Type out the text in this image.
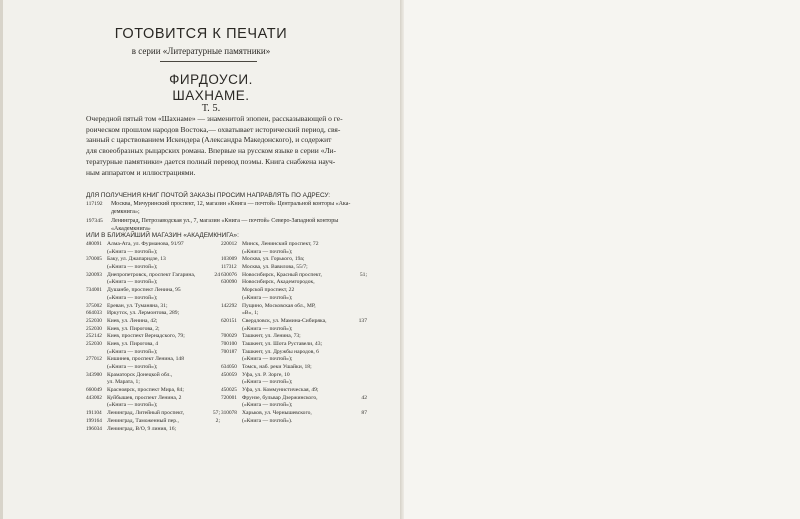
ГОТОВИТСЯ К ПЕЧАТИ

в серии «Литературные памятники»

ФИРДОУСИ.
ШАХНАМЕ.

Т. 5.

Очередной пятый том «Шахнаме» — знаменитой эпопеи, рассказывающей о ге-
роическом прошлом народов Востока,— охватывает исторический период, свя-
занный с царствованием Искендера (Александра Македонского), и содержит
для своеобразных рыцарских романа. Впервые на русском языке в серии «Ли-
тературные памятники» дается полный перевод поэмы. Книга снабжена науч-
ным аппаратом и иллюстрациями.

ДЛЯ ПОЛУЧЕНИЯ КНИГ ПОЧТОЙ ЗАКАЗЫ ПРОСИМ НАПРАВЛЯТЬ ПО АДРЕСУ:
117192	Москва, Мичуринский проспект, 12, магазин «Книга — почтой» Центральной конторы «Ака-
демкнига»;
197345	Ленинград, Петрозаводская ул., 7, магазин «Книга — почтой» Северо-Западной конторы
«Академкнига»
ИЛИ В БЛИЖАЙШИЙ МАГАЗИН «АКАДЕМКНИГА»:
480091 Алма-Ата, ул. Фурманова, 91/97
(«Книга — почтой»);
370005 Баку, ул. Джапаридзе, 13
(«Книга — почтой»);
320093 Днепропетровск, проспект Гагарина,	24
(«Книга — почтой»);
734001 Душанбе, проспект Ленина, 95
(«Книга — почтой»);
375002 Ереван, ул. Туманяна, 31;
664033 Иркутск, ул. Лермонтова, 289;
252030 Киев, ул. Ленина, 42;
252030 Киев, ул. Пирогова, 2;
252142 Киев, проспект Вернадского, 79;
252030 Киев, ул. Пирогова, 4
(«Книга — почтой»);
277012 Кишинев, проспект Ленина, 148
(«Книга — почтой»);
343900 Краматорск Донецкой обл.,
ул. Марата, 1;
660049 Красноярск, проспект Мира, 84;
443002 Куйбышев, проспект Ленина, 2
(«Книга — почтой»);
191104 Ленинград, Литейный проспект,	57;
199164 Ленинград, Таможенный пер.,	2;
196034 Ленинград, В/О, 9 линия, 16;
220012 Минск, Ленинский проспект, 72
(«Книга — почтой»);
103009 Москва, ул. Горького, 19а;
117312 Москва, ул. Вавилова, 55/7;
630076 Новосибирск, Красный проспект,	51;
630090 Новосибирск, Академгородок,
Морской проспект, 22
(«Книга — почтой»);
142292 Пущино, Московская обл., МР,
«В», 1;
620151 Свердловск, ул. Мамина-Сибиряка,	137
(«Книга — почтой»);
700029 Ташкент, ул. Ленина, 73;
700100 Ташкент, ул. Шота Руставели, 43;
700187 Ташкент, ул. Дружбы народов, 6
(«Книга — почтой»);
634050 Томск, наб. реки Ушайки, 18;
450059 Уфа, ул. Р. Зорге, 10
(«Книга — почтой»);
450025 Уфа, ул. Коммунистическая, 49;
720001 Фрунзе, бульвар Дзержинского,	42
(«Книга — почтой»);
310078 Харьков, ул. Чернышевского,	87
(«Книга — почтой»).
